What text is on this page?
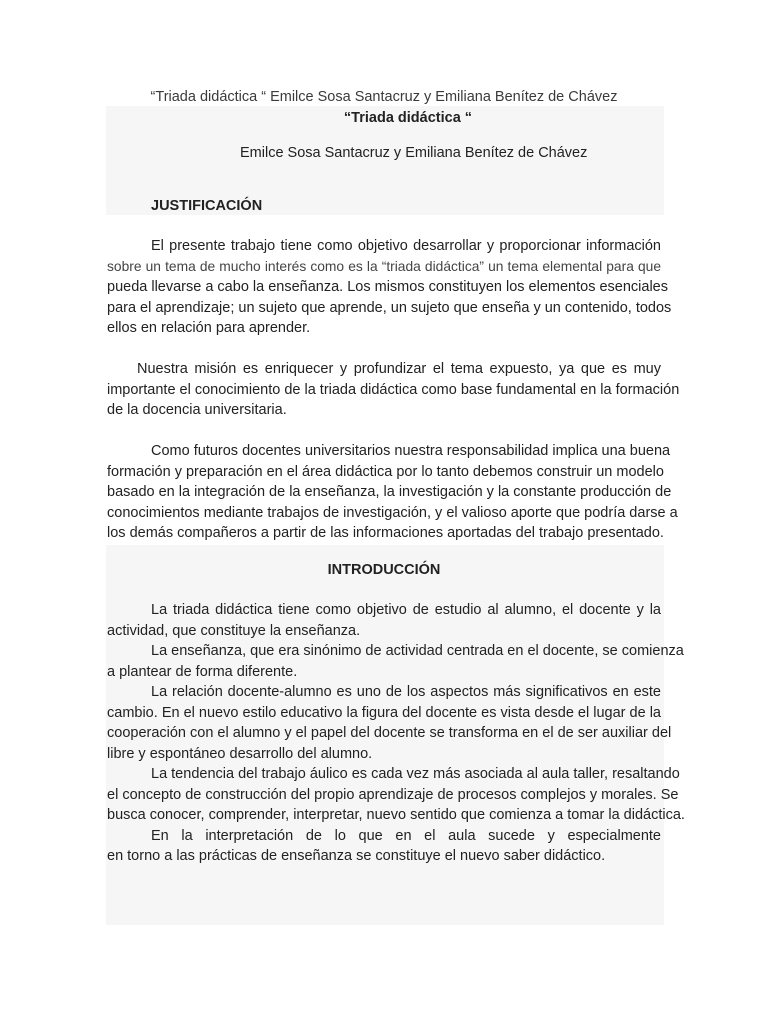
“Triada didáctica “ Emilce Sosa Santacruz y Emiliana Benítez de Chávez
“Triada didáctica “
Emilce Sosa Santacruz y Emiliana Benítez de Chávez
JUSTIFICACIÓN
El presente trabajo tiene como objetivo desarrollar y proporcionar información
sobre un tema de mucho interés como es la “triada didáctica” un tema elemental para que
pueda llevarse a cabo la enseñanza. Los mismos constituyen los elementos esenciales
para el aprendizaje; un sujeto que aprende, un sujeto que enseña y un contenido, todos
ellos en relación para aprender.
Nuestra misión es enriquecer y profundizar el tema expuesto, ya que es muy
importante el conocimiento de la triada didáctica como base fundamental en la formación
de la docencia universitaria.
Como futuros docentes universitarios nuestra responsabilidad implica una buena
formación y preparación en el área didáctica por lo tanto debemos construir un modelo
basado en la integración de la enseñanza, la investigación y la constante producción de
conocimientos mediante trabajos de investigación, y el valioso aporte que podría darse a
los demás compañeros a partir de las informaciones aportadas del trabajo presentado.
INTRODUCCIÓN
La triada didáctica tiene como objetivo de estudio al alumno, el docente y la
actividad, que constituye la enseñanza.
La enseñanza, que era sinónimo de actividad centrada en el docente, se comienza
a plantear de forma diferente.
La relación docente-alumno es uno de los aspectos más significativos en este
cambio. En el nuevo estilo educativo la figura del docente es vista desde el lugar de la
cooperación con el alumno y el papel del docente se transforma en el de ser auxiliar del
libre y espontáneo desarrollo del alumno.
La tendencia del trabajo áulico es cada vez más asociada al aula taller, resaltando
el concepto de construcción del propio aprendizaje de procesos complejos y morales. Se
busca conocer, comprender, interpretar, nuevo sentido que comienza a tomar la didáctica.
En la interpretación de lo que en el aula sucede y especialmente
en torno a las prácticas de enseñanza se constituye el nuevo saber didáctico.
